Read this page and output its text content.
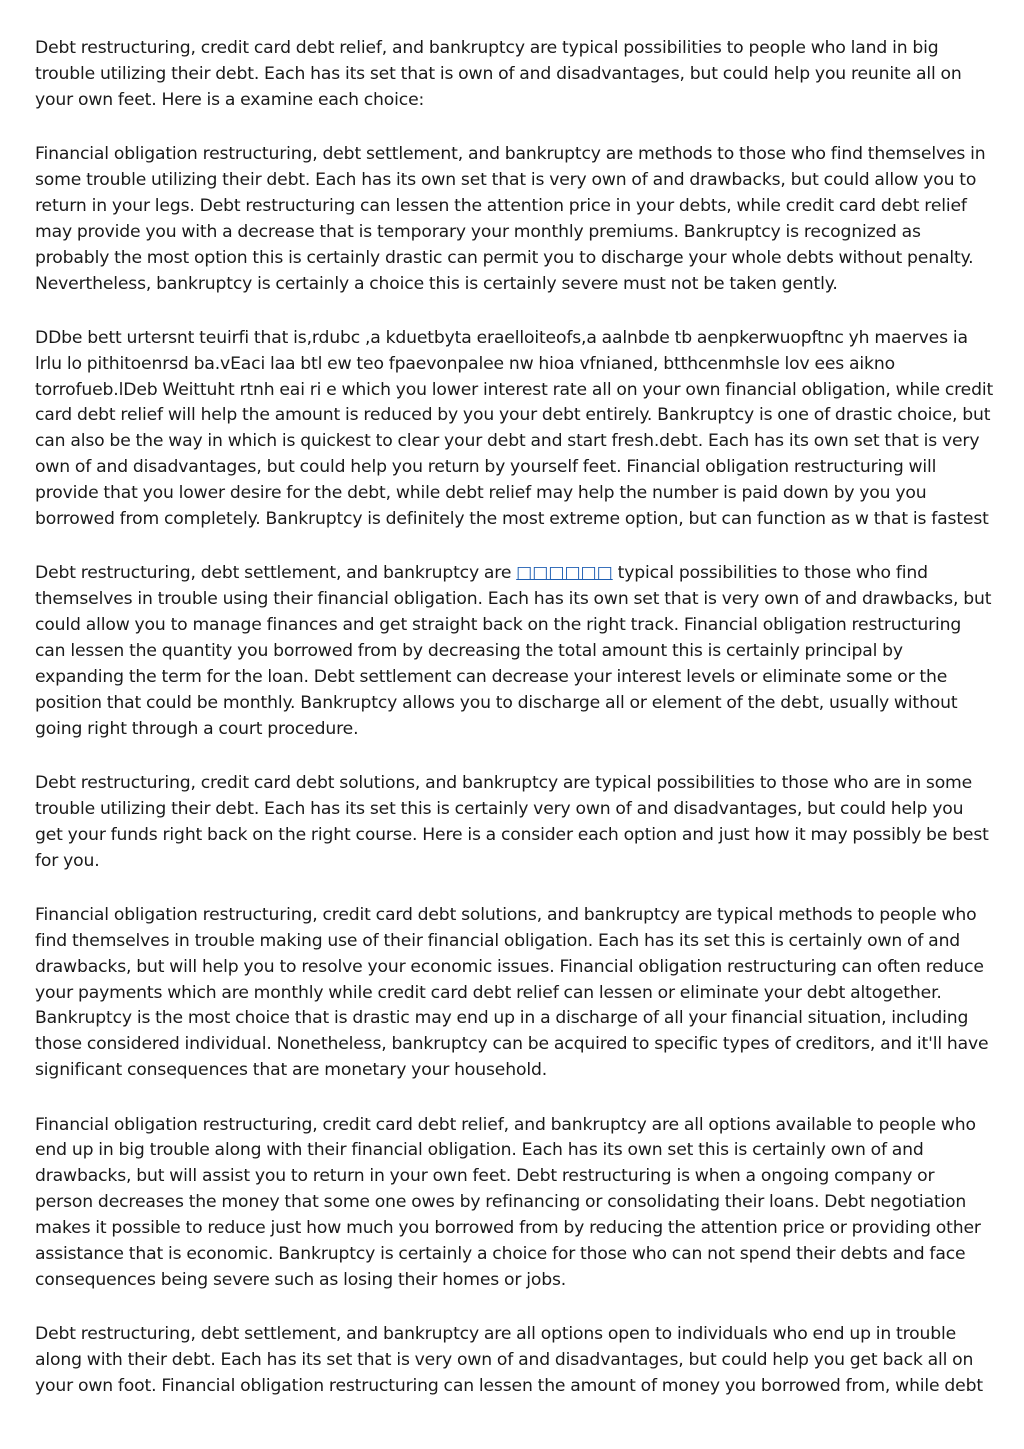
Debt restructuring, credit card debt relief, and bankruptcy are typical possibilities to people who land in big trouble utilizing their debt. Each has its set that is own of and disadvantages, but could help you reunite all on your own feet. Here is a examine each choice:

Financial obligation restructuring, debt settlement, and bankruptcy are methods to those who find themselves in some trouble utilizing their debt. Each has its own set that is very own of and drawbacks, but could allow you to return in your legs. Debt restructuring can lessen the attention price in your debts, while credit card debt relief may provide you with a decrease that is temporary your monthly premiums. Bankruptcy is recognized as probably the most option this is certainly drastic can permit you to discharge your whole debts without penalty. Nevertheless, bankruptcy is certainly a choice this is certainly severe must not be taken gently.

DDbe bett urtersnt teuirfi that is,rdubc ,a kduetbyta eraelloiteofs,a aalnbde tb aenpkerwuopftnc yh maerves ia lrlu lo pithitoenrsd ba.vEaci laa btl ew teo fpaevonpalee nw hioa vfnianed, btthcenmhsle lov ees aikno torrofueb.lDeb Weittuht rtnh eai ri e which you lower interest rate all on your own financial obligation, while credit card debt relief will help the amount is reduced by you your debt entirely. Bankruptcy is one of drastic choice, but can also be the way in which is quickest to clear your debt and start fresh.debt. Each has its own set that is very own of and disadvantages, but could help you return by yourself feet. Financial obligation restructuring will provide that you lower desire for the debt, while debt relief may help the number is paid down by you you borrowed from completely. Bankruptcy is definitely the most extreme option, but can function as w that is fastest

Debt restructuring, debt settlement, and bankruptcy are □□□□□□ typical possibilities to those who find themselves in trouble using their financial obligation. Each has its own set that is very own of and drawbacks, but could allow you to manage finances and get straight back on the right track. Financial obligation restructuring can lessen the quantity you borrowed from by decreasing the total amount this is certainly principal by expanding the term for the loan. Debt settlement can decrease your interest levels or eliminate some or the position that could be monthly. Bankruptcy allows you to discharge all or element of the debt, usually without going right through a court procedure.

Debt restructuring, credit card debt solutions, and bankruptcy are typical possibilities to those who are in some trouble utilizing their debt. Each has its set this is certainly very own of and disadvantages, but could help you get your funds right back on the right course. Here is a consider each option and just how it may possibly be best for you.

Financial obligation restructuring, credit card debt solutions, and bankruptcy are typical methods to people who find themselves in trouble making use of their financial obligation. Each has its set this is certainly own of and drawbacks, but will help you to resolve your economic issues. Financial obligation restructuring can often reduce your payments which are monthly while credit card debt relief can lessen or eliminate your debt altogether. Bankruptcy is the most choice that is drastic may end up in a discharge of all your financial situation, including those considered individual. Nonetheless, bankruptcy can be acquired to specific types of creditors, and it'll have significant consequences that are monetary your household.

Financial obligation restructuring, credit card debt relief, and bankruptcy are all options available to people who end up in big trouble along with their financial obligation. Each has its own set this is certainly own of and drawbacks, but will assist you to return in your own feet. Debt restructuring is when a ongoing company or person decreases the money that some one owes by refinancing or consolidating their loans. Debt negotiation makes it possible to reduce just how much you borrowed from by reducing the attention price or providing other assistance that is economic. Bankruptcy is certainly a choice for those who can not spend their debts and face consequences being severe such as losing their homes or jobs.

Debt restructuring, debt settlement, and bankruptcy are all options open to individuals who end up in trouble along with their debt. Each has its set that is very own of and disadvantages, but could help you get back all on your own foot. Financial obligation restructuring can lessen the amount of money you borrowed from, while debt
